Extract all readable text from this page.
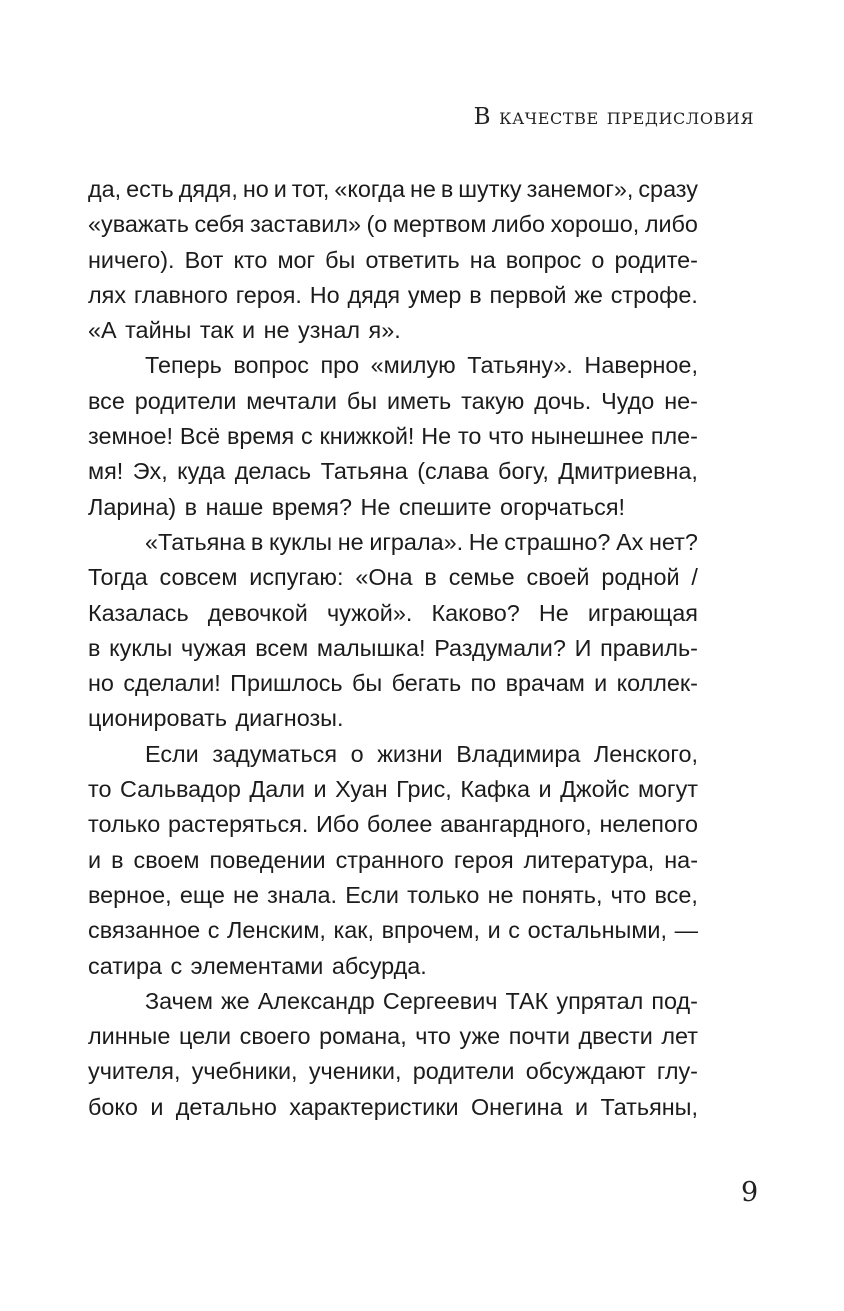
В качестве предисловия
да, есть дядя, но и тот, «когда не в шутку занемог», сразу
«уважать себя заставил» (о мертвом либо хорошо, либо
ничего). Вот кто мог бы ответить на вопрос о родите-
лях главного героя. Но дядя умер в первой же строфе.
«А тайны так и не узнал я».
Теперь вопрос про «милую Татьяну». Наверное,
все родители мечтали бы иметь такую дочь. Чудо не-
земное! Всё время с книжкой! Не то что нынешнее пле-
мя! Эх, куда делась Татьяна (слава богу, Дмитриевна,
Ларина) в наше время? Не спешите огорчаться!
«Татьяна в куклы не играла». Не страшно? Ах нет?
Тогда совсем испугаю: «Она в семье своей родной /
Казалась девочкой чужой». Каково? Не играющая
в куклы чужая всем малышка! Раздумали? И правиль-
но сделали! Пришлось бы бегать по врачам и коллек-
ционировать диагнозы.
Если задуматься о жизни Владимира Ленского,
то Сальвадор Дали и Хуан Грис, Кафка и Джойс могут
только растеряться. Ибо более авангардного, нелепого
и в своем поведении странного героя литература, на-
верное, еще не знала. Если только не понять, что все,
связанное с Ленским, как, впрочем, и с остальными, —
сатира с элементами абсурда.
Зачем же Александр Сергеевич ТАК упрятал под-
линные цели своего романа, что уже почти двести лет
учителя, учебники, ученики, родители обсуждают глу-
боко и детально характеристики Онегина и Татьяны,
9
